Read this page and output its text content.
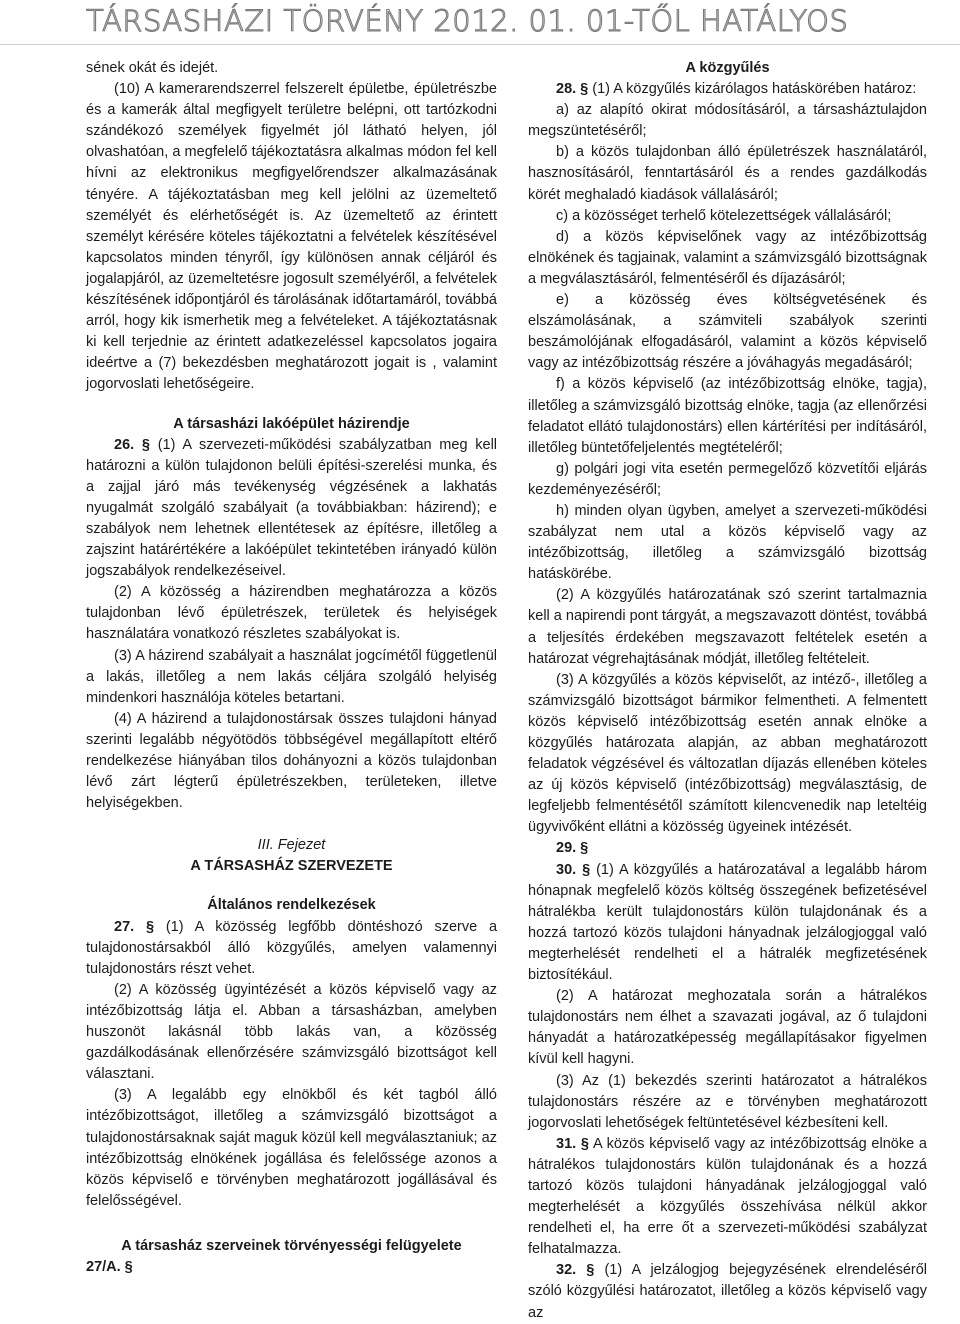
TÁRSASHÁZI TÖRVÉNY 2012. 01. 01-TŐL HATÁLYOS

sének okát és idejét.

(10) A kamerarendszerrel felszerelt épületbe, épületrészbe és a kamerák által megfigyelt területre belépni, ott tartózkodni szándékozó személyek figyelmét jól látható helyen, jól olvashatóan, a megfelelő tájékoztatásra alkalmas módon fel kell hívni az elektronikus megfigyelőrendszer alkalmazásának tényére. A tájékoztatásban meg kell jelölni az üzemeltető személyét és elérhetőségét is. Az üzemeltető az érintett személyt kérésére köteles tájékoztatni a felvételek készítésével kapcsolatos minden tényről, így különösen annak céljáról és jogalapjáról, az üzemeltetésre jogosult személyéről, a felvételek készítésének időpontjáról és tárolásának időtartamáról, továbbá arról, hogy kik ismerhetik meg a felvételeket. A tájékoztatásnak ki kell terjednie az érintett adatkezeléssel kapcsolatos jogaira ideértve a (7) bekezdésben meghatározott jogait is , valamint jogorvoslati lehetőségeire.

A társasházi lakóépület házirendje

26. § (1) A szervezeti-működési szabályzatban meg kell határozni a külön tulajdonon belüli építési-szerelési munka, és a zajjal járó más tevékenység végzésének a lakhatás nyugalmát szolgáló szabályait (a továbbiakban: házirend); e szabályok nem lehetnek ellentétesek az építésre, illetőleg a zajszint határértékére a lakóépület tekintetében irányadó külön jogszabályok rendelkezéseivel.

(2) A közösség a házirendben meghatározza a közös tulajdonban lévő épületrészek, területek és helyiségek használatára vonatkozó részletes szabályokat is.

(3) A házirend szabályait a használat jogcímétől függetlenül a lakás, illetőleg a nem lakás céljára szolgáló helyiség mindenkori használója köteles betartani.

(4) A házirend a tulajdonostársak összes tulajdoni hányad szerinti legalább négyötödös többségével megállapított eltérő rendelkezése hiányában tilos dohányozni a közös tulajdonban lévő zárt légterű épületrészekben, területeken, illetve helyiségekben.

III. Fejezet
A TÁRSASHÁZ SZERVEZETE
Általános rendelkezések

27. § (1) A közösség legfőbb döntéshozó szerve a tulajdonostársakból álló közgyűlés, amelyen valamennyi tulajdonostárs részt vehet.

(2) A közösség ügyintézését a közös képviselő vagy az intézőbizottság látja el. Abban a társasházban, amelyben huszonöt lakásnál több lakás van, a közösség gazdálkodásának ellenőrzésére számvizsgáló bizottságot kell választani.

(3) A legalább egy elnökből és két tagból álló intézőbizottságot, illetőleg a számvizsgáló bizottságot a tulajdonostársaknak saját maguk közül kell megválasztaniuk; az intézőbizottság elnökének jogállása és felelőssége azonos a közös képviselő e törvényben meghatározott jogállásával és felelősségével.

A társasház szerveinek törvényességi felügyelete

27/A. §

A közgyűlés

28. § (1) A közgyűlés kizárólagos hatáskörében határoz:

a) az alapító okirat módosításáról, a társasháztulajdon megszüntetéséről;

b) a közös tulajdonban álló épületrészek használatáról, hasznosításáról, fenntartásáról és a rendes gazdálkodás körét meghaladó kiadások vállalásáról;

c) a közösséget terhelő kötelezettségek vállalásáról;

d) a közös képviselőnek vagy az intézőbizottság elnökének és tagjainak, valamint a számvizsgáló bizottságnak a megválasztásáról, felmentéséről és díjazásáról;

e) a közösség éves költségvetésének és elszámolásának, a számviteli szabályok szerinti beszámolójának elfogadásáról, valamint a közös képviselő vagy az intézőbizottság részére a jóváhagyás megadásáról;

f) a közös képviselő (az intézőbizottság elnöke, tagja), illetőleg a számvizsgáló bizottság elnöke, tagja (az ellenőrzési feladatot ellátó tulajdonostárs) ellen kártérítési per indításáról, illetőleg büntetőfeljelentés megtételéről;

g) polgári jogi vita esetén permegelőző közvetítői eljárás kezdeményezéséről;

h) minden olyan ügyben, amelyet a szervezeti-működési szabályzat nem utal a közös képviselő vagy az intézőbizottság, illetőleg a számvizsgáló bizottság hatáskörébe.

(2) A közgyűlés határozatának szó szerint tartalmaznia kell a napirendi pont tárgyát, a megszavazott döntést, továbbá a teljesítés érdekében megszavazott feltételek esetén a határozat végrehajtásának módját, illetőleg feltételeit.

(3) A közgyűlés a közös képviselőt, az intéző-, illetőleg a számvizsgáló bizottságot bármikor felmentheti. A felmentett közös képviselő intézőbizottság esetén annak elnöke a közgyűlés határozata alapján, az abban meghatározott feladatok végzésével és változatlan díjazás ellenében köteles az új közös képviselő (intézőbizottság) megválasztásig, de legfeljebb felmentésétől számított kilencvenedik nap leteltéig ügyvivőként ellátni a közösség ügyeinek intézését.

29. §

30. § (1) A közgyűlés a határozatával a legalább három hónapnak megfelelő közös költség összegének befizetésével hátralékba került tulajdonostárs külön tulajdonának és a hozzá tartozó közös tulajdoni hányadnak jelzálogjoggal való megterhelését rendelheti el a hátralék megfizetésének biztosítékául.

(2) A határozat meghozatala során a hátralékos tulajdonostárs nem élhet a szavazati jogával, az ő tulajdoni hányadát a határozatképesség megállapításakor figyelmen kívül kell hagyni.

(3) Az (1) bekezdés szerinti határozatot a hátralékos tulajdonostárs részére az e törvényben meghatározott jogorvoslati lehetőségek feltüntetésével kézbesíteni kell.

31. § A közös képviselő vagy az intézőbizottság elnöke a hátralékos tulajdonostárs külön tulajdonának és a hozzá tartozó közös tulajdoni hányadának jelzálogjoggal való megterhelését a közgyűlés összehívása nélkül akkor rendelheti el, ha erre őt a szervezeti-működési szabályzat felhatalmazza.

32. § (1) A jelzálogjog bejegyzésének elrendeléséről szóló közgyűlési határozatot, illetőleg a közös képviselő vagy az
